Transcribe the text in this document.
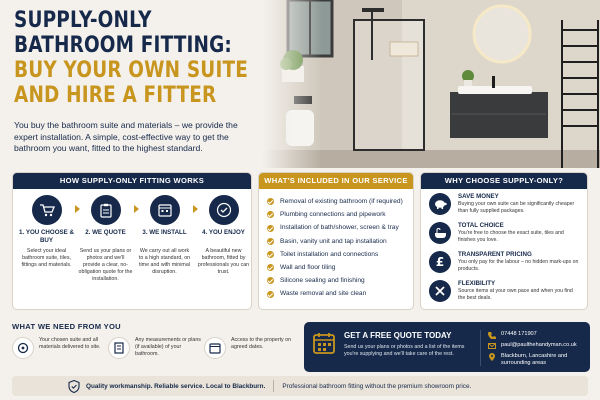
SUPPLY-ONLY
BATHROOM FITTING:
BUY YOUR OWN SUITE
AND HIRE A FITTER

You buy the bathroom suite and materials – we provide the expert installation. A simple, cost-effective way to get the bathroom you want, fitted to the highest standard.

HOW SUPPLY-ONLY FITTING WORKS
1. YOU CHOOSE & BUY
Select your ideal bathroom suite, tiles, fittings and materials.
2. WE QUOTE
Send us your plans or photos and we'll provide a clear, no-obligation quote for the installation.
3. WE INSTALL
We carry out all work to a high standard, on time and with minimal disruption.
4. YOU ENJOY
A beautiful new bathroom, fitted by professionals you can trust.
WHAT'S INCLUDED IN OUR SERVICE
Removal of existing bathroom (if required)
Plumbing connections and pipework
Installation of bath/shower, screen & tray
Basin, vanity unit and tap installation
Toilet installation and connections
Wall and floor tiling
Silicone sealing and finishing
Waste removal and site clean
WHY CHOOSE SUPPLY-ONLY?
SAVE MONEY
Buying your own suite can be significantly cheaper than fully supplied packages.
TOTAL CHOICE
You're free to choose the exact suite, tiles and finishes you love.
£
TRANSPARENT PRICING
You only pay for the labour – no hidden mark-ups on products.
FLEXIBILITY
Source items at your own pace and when you find the best deals.
WHAT WE NEED FROM YOU
Your chosen suite and all materials delivered to site.
Any measurements or plans (if available) of your bathroom.
Access to the property on agreed dates.
GET A FREE QUOTE TODAY
Send us your plans or photos and a list of the items you're supplying and we'll take care of the rest.
07448 171907
paul@paulthehandyman.co.uk
Blackburn, Lancashire and surrounding areas
Quality workmanship. Reliable service. Local to Blackburn.	Professional bathroom fitting without the premium showroom price.
